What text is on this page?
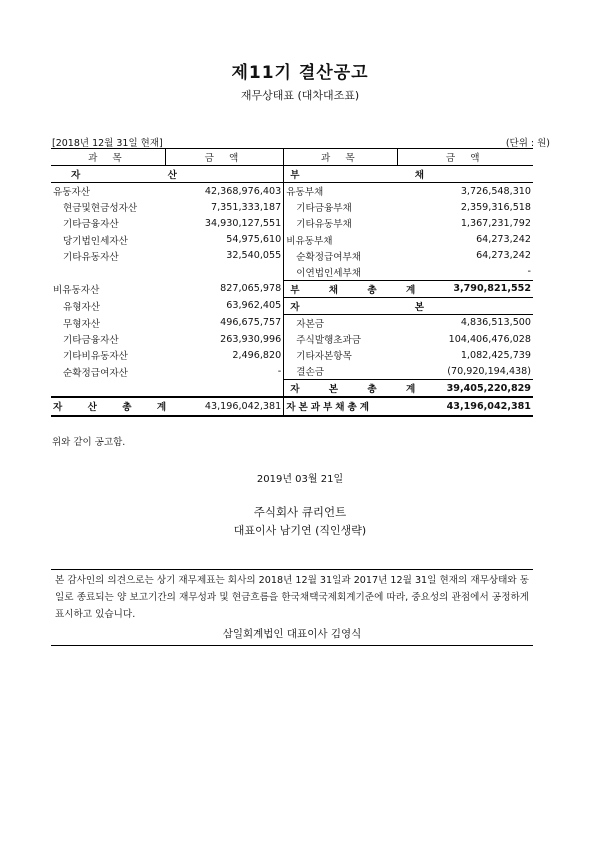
제11기 결산공고
재무상태표 (대차대조표)
[2018년 12월 31일 현재]	(단위 : 원)
과 목	금 액	과 목	금 액
자 산		부 채	
유동자산	42,368,976,403	유동부채	3,726,548,310
현금및현금성자산	7,351,333,187	기타금융부채	2,359,316,518
기타금융자산	34,930,127,551	기타유동부채	1,367,231,792
당기법인세자산	54,975,610	비유동부채	64,273,242
기타유동자산	32,540,055	순확정급여부채	64,273,242
		이연법인세부채	-
비유동자산	827,065,978	부 채 총 계	3,790,821,552
유형자산	63,962,405	자 본	
무형자산	496,675,757	자본금	4,836,513,500
기타금융자산	263,930,996	주식발행초과금	104,406,476,028
기타비유동자산	2,496,820	기타자본항목	1,082,425,739
순확정급여자산	-	결손금	(70,920,194,438)
		자 본 총 계	39,405,220,829
자 산 총 계	43,196,042,381	자본과부채총계	43,196,042,381
위와 같이 공고함.
2019년 03월 21일
주식회사 큐리언트
대표이사 남기연 (직인생략)
본 감사인의 의견으로는 상기 재무제표는 회사의 2018년 12월 31일과 2017년 12월 31일 현재의 재무상태와 동일로 종료되는 양 보고기간의 재무성과 및 현금흐름을 한국채택국제회계기준에 따라, 중요성의 관점에서 공정하게 표시하고 있습니다.
삼일회계법인 대표이사 김영식
